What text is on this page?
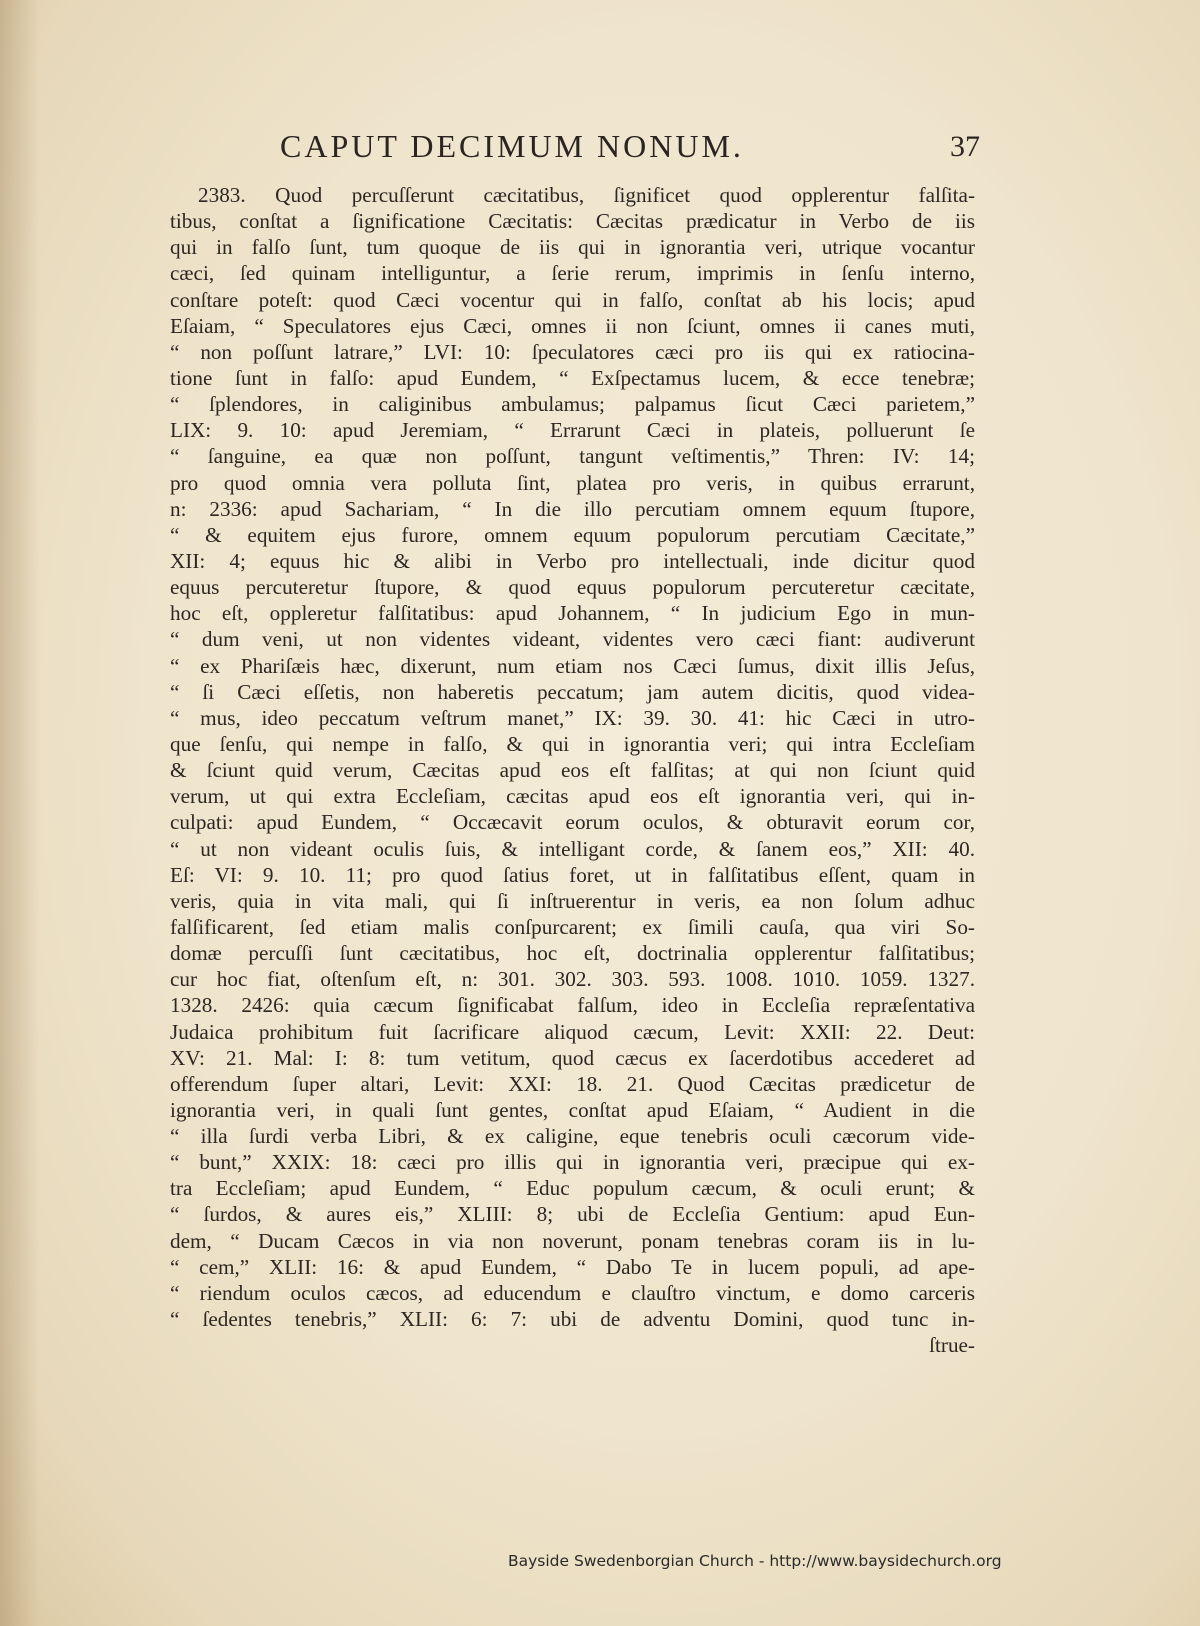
CAPUT DECIMUM NONUM.	37
2383. Quod percuſſerunt cæcitatibus, ſignificet quod opplerentur falſita-
tibus, conſtat a ſignificatione Cæcitatis: Cæcitas prædicatur in Verbo de iis
qui in falſo ſunt, tum quoque de iis qui in ignorantia veri, utrique vocantur
cæci, ſed quinam intelliguntur, a ſerie rerum, imprimis in ſenſu interno,
conſtare poteſt: quod Cæci vocentur qui in falſo, conſtat ab his locis; apud
Eſaiam, “ Speculatores ejus Cæci, omnes ii non ſciunt, omnes ii canes muti,
“ non poſſunt latrare,” LVI: 10: ſpeculatores cæci pro iis qui ex ratiocina-
tione ſunt in falſo: apud Eundem, “ Exſpectamus lucem, & ecce tenebræ;
“ ſplendores, in caliginibus ambulamus; palpamus ſicut Cæci parietem,”
LIX: 9. 10: apud Jeremiam, “ Errarunt Cæci in plateis, polluerunt ſe
“ ſanguine, ea quæ non poſſunt, tangunt veſtimentis,” Thren: IV: 14;
pro quod omnia vera polluta ſint, platea pro veris, in quibus errarunt,
n: 2336: apud Sachariam, “ In die illo percutiam omnem equum ſtupore,
“ & equitem ejus furore, omnem equum populorum percutiam Cæcitate,”
XII: 4; equus hic & alibi in Verbo pro intellectuali, inde dicitur quod
equus percuteretur ſtupore, & quod equus populorum percuteretur cæcitate,
hoc eſt, oppleretur falſitatibus: apud Johannem, “ In judicium Ego in mun-
“ dum veni, ut non videntes videant, videntes vero cæci fiant: audiverunt
“ ex Phariſæis hæc, dixerunt, num etiam nos Cæci ſumus, dixit illis Jeſus,
“ ſi Cæci eſſetis, non haberetis peccatum; jam autem dicitis, quod videa-
“ mus, ideo peccatum veſtrum manet,” IX: 39. 30. 41: hic Cæci in utro-
que ſenſu, qui nempe in falſo, & qui in ignorantia veri; qui intra Eccleſiam
& ſciunt quid verum, Cæcitas apud eos eſt falſitas; at qui non ſciunt quid
verum, ut qui extra Eccleſiam, cæcitas apud eos eſt ignorantia veri, qui in-
culpati: apud Eundem, “ Occæcavit eorum oculos, & obturavit eorum cor,
“ ut non videant oculis ſuis, & intelligant corde, & ſanem eos,” XII: 40.
Eſ: VI: 9. 10. 11; pro quod ſatius foret, ut in falſitatibus eſſent, quam in
veris, quia in vita mali, qui ſi inſtruerentur in veris, ea non ſolum adhuc
falſificarent, ſed etiam malis conſpurcarent; ex ſimili cauſa, qua viri So-
domæ percuſſi ſunt cæcitatibus, hoc eſt, doctrinalia opplerentur falſitatibus;
cur hoc fiat, oſtenſum eſt, n: 301. 302. 303. 593. 1008. 1010. 1059. 1327.
1328. 2426: quia cæcum ſignificabat falſum, ideo in Eccleſia repræſentativa
Judaica prohibitum fuit ſacrificare aliquod cæcum, Levit: XXII: 22. Deut:
XV: 21. Mal: I: 8: tum vetitum, quod cæcus ex ſacerdotibus accederet ad
offerendum ſuper altari, Levit: XXI: 18. 21. Quod Cæcitas prædicetur de
ignorantia veri, in quali ſunt gentes, conſtat apud Eſaiam, “ Audient in die
“ illa ſurdi verba Libri, & ex caligine, eque tenebris oculi cæcorum vide-
“ bunt,” XXIX: 18: cæci pro illis qui in ignorantia veri, præcipue qui ex-
tra Eccleſiam; apud Eundem, “ Educ populum cæcum, & oculi erunt; &
“ ſurdos, & aures eis,” XLIII: 8; ubi de Eccleſia Gentium: apud Eun-
dem, “ Ducam Cæcos in via non noverunt, ponam tenebras coram iis in lu-
“ cem,” XLII: 16: & apud Eundem, “ Dabo Te in lucem populi, ad ape-
“ riendum oculos cæcos, ad educendum e clauſtro vinctum, e domo carceris
“ ſedentes tenebris,” XLII: 6: 7: ubi de adventu Domini, quod tunc in-
ſtrue-
Bayside Swedenborgian Church - http://www.baysidechurch.org
